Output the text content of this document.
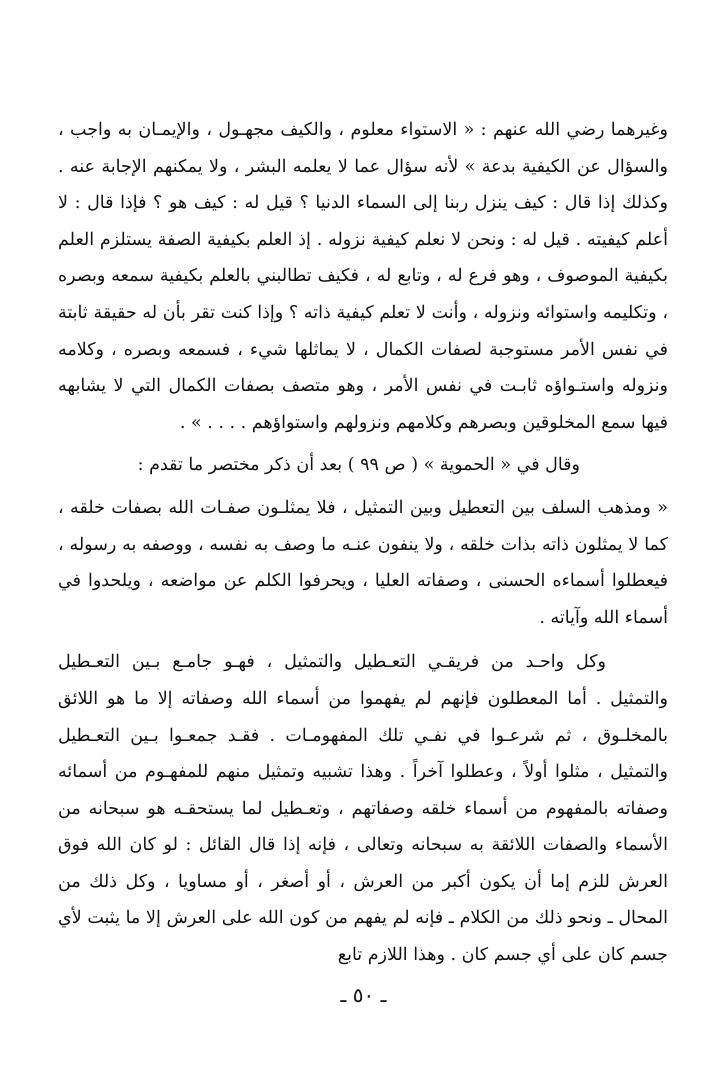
وغيرهما رضي الله عنهم : « الاستواء معلوم ، والكيف مجهـول ، والإيمـان به واجب ، والسؤال عن الكيفية بدعة » لأنه سؤال عما لا يعلمه البشر ، ولا يمكنهم الإجابة عنه . وكذلك إذا قال : كيف ينزل ربنا إلى السماء الدنيا ؟ قيل له : كيف هو ؟ فإذا قال : لا أعلم كيفيته . قيل له : ونحن لا نعلم كيفية نزوله . إذ العلم بكيفية الصفة يستلزم العلم بكيفية الموصوف ، وهو فرع له ، وتابع له ، فكيف تطالبني بالعلم بكيفية سمعه وبصره ، وتكليمه واستوائه ونزوله ، وأنت لا تعلم كيفية ذاته ؟ وإذا كنت تقر بأن له حقيقة ثابتة في نفس الأمر مستوجبة لصفات الكمال ، لا يماثلها شيء ، فسمعه وبصره ، وكلامه ونزوله واستـواؤه ثابـت في نفس الأمر ، وهو متصف بصفات الكمال التي لا يشابهه فيها سمع المخلوقين وبصرهم وكلامهم ونزولهم واستواؤهم . . . . » .

وقال في « الحموية » ( ص ٩٩ ) بعد أن ذكر مختصر ما تقدم :

« ومذهب السلف بين التعطيل وبين التمثيل ، فلا يمثلـون صفـات الله بصفات خلقه ، كما لا يمثلون ذاته بذات خلقه ، ولا ينفون عنـه ما وصف به نفسه ، ووصفه به رسوله ، فيعطلوا أسماءه الحسنى ، وصفاته العليا ، ويحرفوا الكلم عن مواضعه ، ويلحدوا في أسماء الله وآياته .

وكل واحـد من فريقـي التعـطيل والتمثيل ، فهـو جامـع بـين التعـطيل والتمثيل . أما المعطلون فإنهم لم يفهموا من أسماء الله وصفاته إلا ما هو اللائق بالمخلـوق ، ثم شرعـوا في نفـي تلك المفهومـات . فقـد جمعـوا بـين التعـطيل والتمثيل ، مثلوا أولاً ، وعطلوا آخراً . وهذا تشبيه وتمثيل منهم للمفهـوم من أسمائه وصفاته بالمفهوم من أسماء خلقه وصفاتهم ، وتعـطيل لما يستحقـه هو سبحانه من الأسماء والصفات اللائقة به سبحانه وتعالى ، فإنه إذا قال القائل : لو كان الله فوق العرش للزم إما أن يكون أكبر من العرش ، أو أصغر ، أو مساويا ، وكل ذلك من المحال ـ ونحو ذلك من الكلام ـ فإنه لم يفهم من كون الله على العرش إلا ما يثبت لأي جسم كان على أي جسم كان . وهذا اللازم تابع

ـ ٥٠ ـ
